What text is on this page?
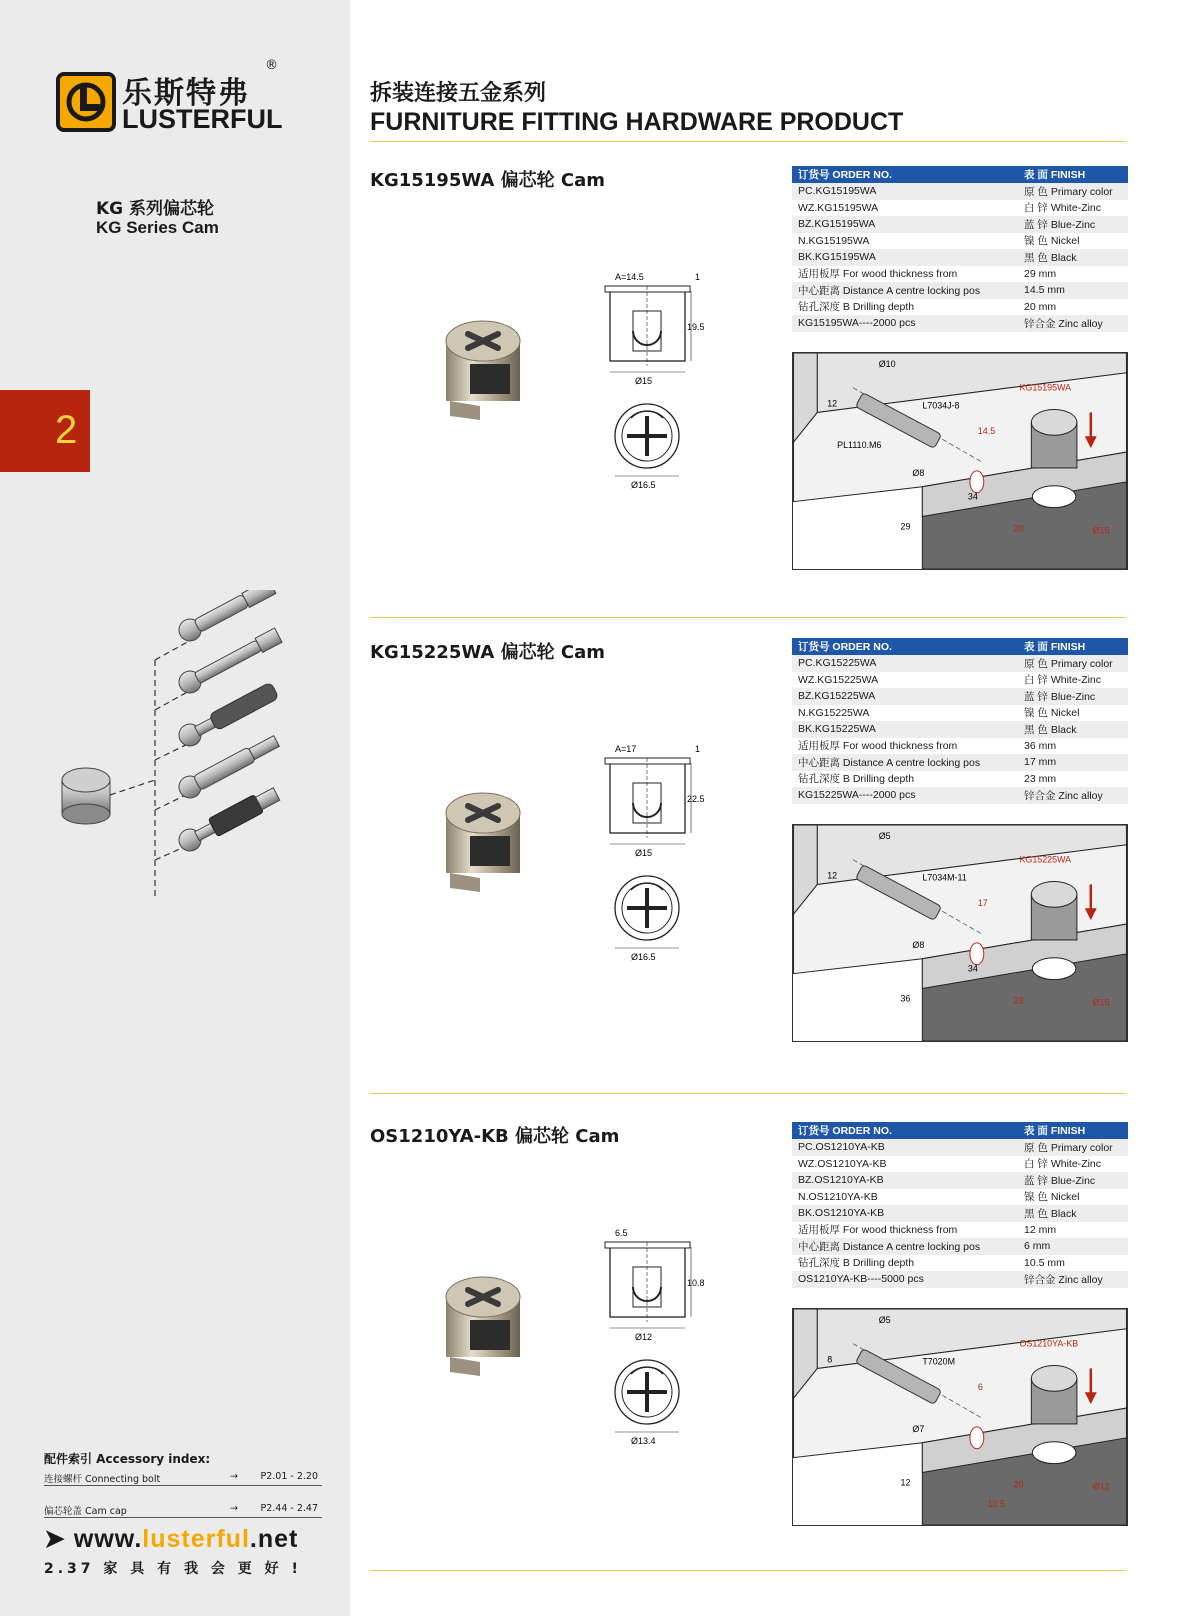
乐斯特弗
LUSTERFUL
®
KG 系列偏芯轮
KG Series Cam
2
配件索引 Accessory index:
连接螺杆 Connecting bolt	→ P2.01 - 2.20
偏芯轮盖 Cam cap	→ P2.44 - 2.47
➤ www.lusterful.net
2.37 家 具 有 我 会 更 好 !
拆装连接五金系列
FURNITURE FITTING HARDWARE PRODUCT
KG15195WA 偏芯轮 Cam
A=14.5	1
19.5
Ø15
Ø16.5
订货号 ORDER NO.	表 面 FINISH
PC.KG15195WA	原 色 Primary color
WZ.KG15195WA	白 锌 White-Zinc
BZ.KG15195WA	蓝 锌 Blue-Zinc
N.KG15195WA	镍 色 Nickel
BK.KG15195WA	黑 色 Black
适用板厚 For wood thickness from	29 mm
中心距离 Distance A centre locking pos	14.5 mm
钻孔深度 B Drilling depth	20 mm
KG15195WA----2000 pcs	锌合金 Zinc alloy
KG15195WA
L7034J-8
PL1110.M6
Ø10
12
14.5
Ø8
34
29	20	Ø15
KG15225WA 偏芯轮 Cam
A=17	1
22.5
Ø15
Ø16.5
订货号 ORDER NO.	表 面 FINISH
PC.KG15225WA	原 色 Primary color
WZ.KG15225WA	白 锌 White-Zinc
BZ.KG15225WA	蓝 锌 Blue-Zinc
N.KG15225WA	镍 色 Nickel
BK.KG15225WA	黑 色 Black
适用板厚 For wood thickness from	36 mm
中心距离 Distance A centre locking pos	17 mm
钻孔深度 B Drilling depth	23 mm
KG15225WA----2000 pcs	锌合金 Zinc alloy
KG15225WA
L7034M-11
Ø5
12
17
Ø8
34
36	23	Ø15
OS1210YA-KB 偏芯轮 Cam
6.5
10.8
Ø12
Ø13.4
订货号 ORDER NO.	表 面 FINISH
PC.OS1210YA-KB	原 色 Primary color
WZ.OS1210YA-KB	白 锌 White-Zinc
BZ.OS1210YA-KB	蓝 锌 Blue-Zinc
N.OS1210YA-KB	镍 色 Nickel
BK.OS1210YA-KB	黑 色 Black
适用板厚 For wood thickness from	12 mm
中心距离 Distance A centre locking pos	6 mm
钻孔深度 B Drilling depth	10.5 mm
OS1210YA-KB----5000 pcs	锌合金 Zinc alloy
OS1210YA-KB
T7020M
Ø5
8
6
Ø7
12	20	Ø12
10.5
